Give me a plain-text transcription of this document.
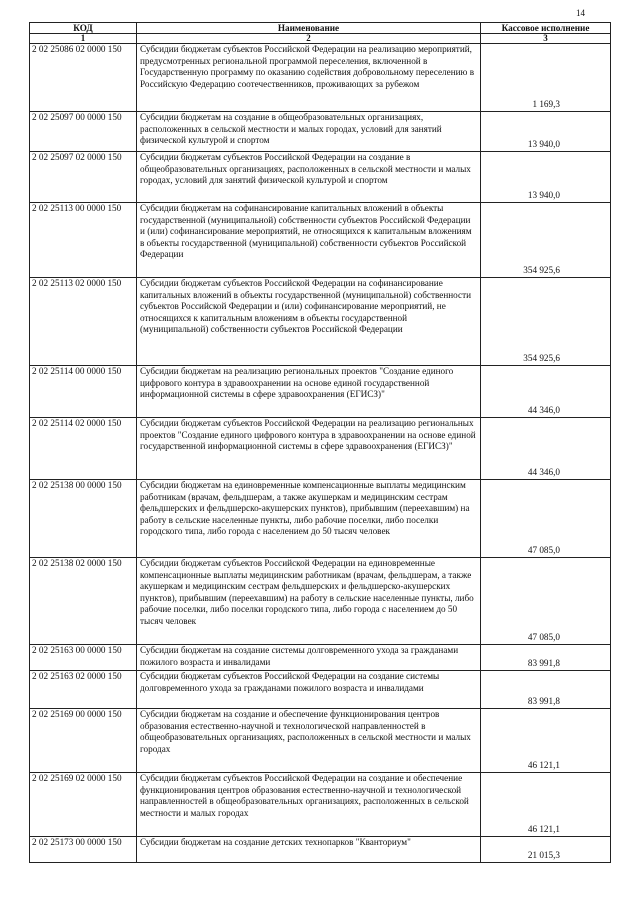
14
КОД	Наименование	Кассовое исполнение
1	2	3
2 02 25086 02 0000 150	Субсидии бюджетам субъектов Российской Федерации на реализацию мероприятий, предусмотренных региональной программой переселения, включенной в Государственную программу по оказанию содействия добровольному переселению в Российскую Федерацию соотечественников, проживающих за рубежом	1 169,3
2 02 25097 00 0000 150	Субсидии бюджетам на создание в общеобразовательных организациях, расположенных в сельской местности и малых городах, условий для занятий физической культурой и спортом	13 940,0
2 02 25097 02 0000 150	Субсидии бюджетам субъектов Российской Федерации на создание в общеобразовательных организациях, расположенных в сельской местности и малых городах, условий для занятий физической культурой и спортом	13 940,0
2 02 25113 00 0000 150	Субсидии бюджетам на софинансирование капитальных вложений в объекты государственной (муниципальной) собственности субъектов Российской Федерации и (или) софинансирование мероприятий, не относящихся к капитальным вложениям в объекты государственной (муниципальной) собственности субъектов Российской Федерации	354 925,6
2 02 25113 02 0000 150	Субсидии бюджетам субъектов Российской Федерации на софинансирование капитальных вложений в объекты государственной (муниципальной) собственности субъектов Российской Федерации и (или) софинансирование мероприятий, не относящихся к капитальным вложениям в объекты государственной (муниципальной) собственности субъектов Российской Федерации	354 925,6
2 02 25114 00 0000 150	Субсидии бюджетам на реализацию региональных проектов "Создание единого цифрового контура в здравоохранении на основе единой государственной информационной системы в сфере здравоохранения (ЕГИСЗ)"	44 346,0
2 02 25114 02 0000 150	Субсидии бюджетам субъектов Российской Федерации на реализацию региональных проектов "Создание единого цифрового контура в здравоохранении на основе единой государственной информационной системы в сфере здравоохранения (ЕГИСЗ)"	44 346,0
2 02 25138 00 0000 150	Субсидии бюджетам на единовременные компенсационные выплаты медицинским работникам (врачам, фельдшерам, а также акушеркам и медицинским сестрам фельдшерских и фельдшерско-акушерских пунктов), прибывшим (переехавшим) на работу в сельские населенные пункты, либо рабочие поселки, либо поселки городского типа, либо города с населением до 50 тысяч человек	47 085,0
2 02 25138 02 0000 150	Субсидии бюджетам субъектов Российской Федерации на единовременные компенсационные выплаты медицинским работникам (врачам, фельдшерам, а также акушеркам и медицинским сестрам фельдшерских и фельдшерско-акушерских пунктов), прибывшим (переехавшим) на работу в сельские населенные пункты, либо рабочие поселки, либо поселки городского типа, либо города с населением до 50 тысяч человек	47 085,0
2 02 25163 00 0000 150	Субсидии бюджетам на создание системы долговременного ухода за гражданами пожилого возраста и инвалидами	83 991,8
2 02 25163 02 0000 150	Субсидии бюджетам субъектов Российской Федерации на создание системы долговременного ухода за гражданами пожилого возраста и инвалидами	83 991,8
2 02 25169 00 0000 150	Субсидии бюджетам на создание и обеспечение функционирования центров образования естественно-научной и технологической направленностей в общеобразовательных организациях, расположенных в сельской местности и малых городах	46 121,1
2 02 25169 02 0000 150	Субсидии бюджетам субъектов Российской Федерации на создание и обеспечение функционирования центров образования естественно-научной и технологической направленностей в общеобразовательных организациях, расположенных в сельской местности и малых городах	46 121,1
2 02 25173 00 0000 150	Субсидии бюджетам на создание детских технопарков "Кванториум"	21 015,3
